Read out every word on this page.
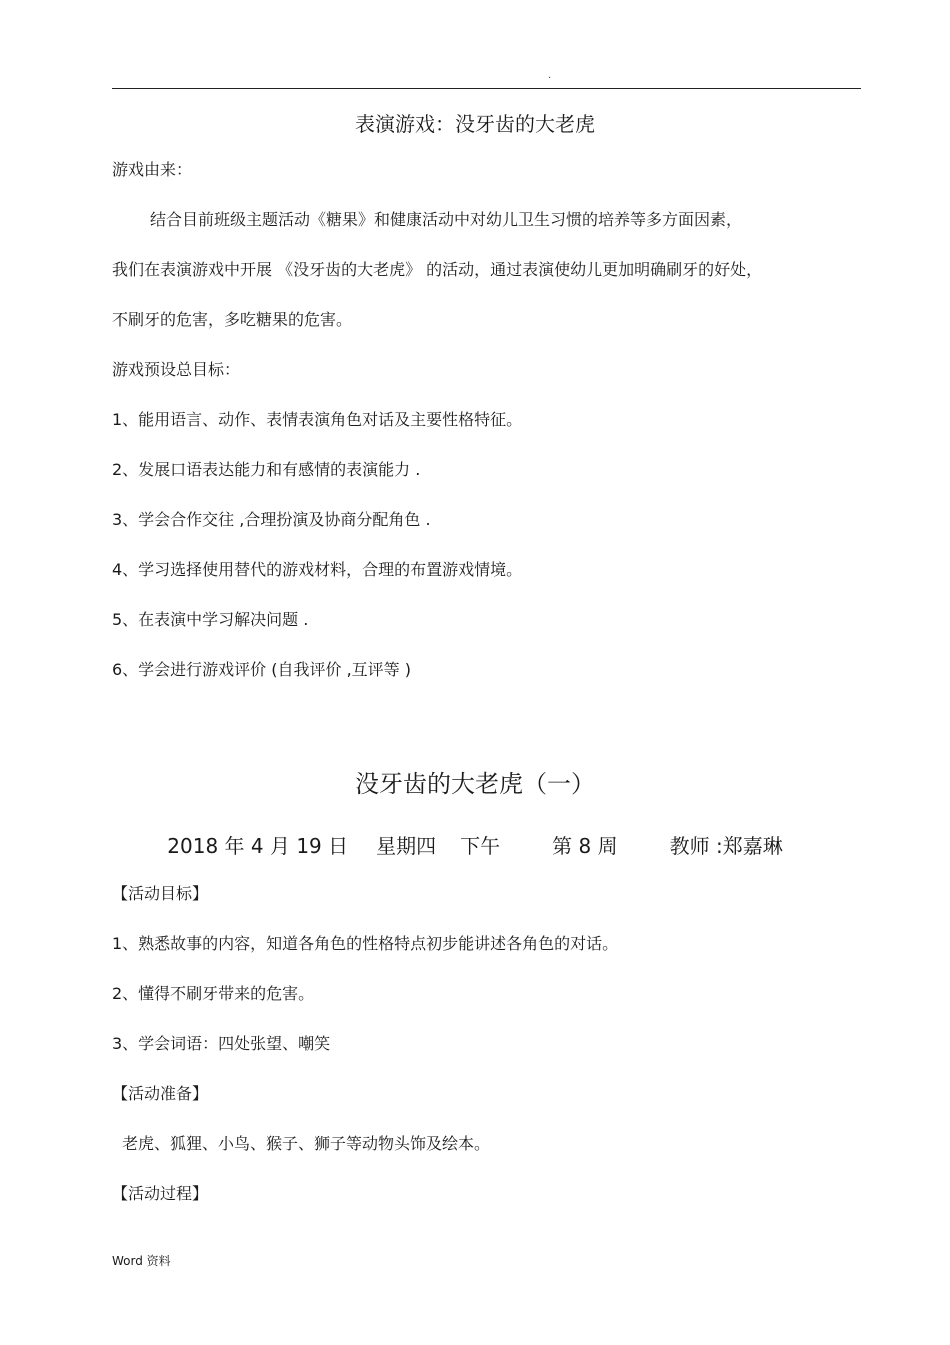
.
表演游戏：没牙齿的大老虎
游戏由来：
结合目前班级主题活动《糖果》和健康活动中对幼儿卫生习惯的培养等多方面因素，
我们在表演游戏中开展 《没牙齿的大老虎》 的活动，通过表演使幼儿更加明确刷牙的好处，
不刷牙的危害，多吃糖果的危害。
游戏预设总目标：
1、能用语言、动作、表情表演角色对话及主要性格特征。
2、发展口语表达能力和有感情的表演能力 .
3、学会合作交往 ,合理扮演及协商分配角色 .
4、学习选择使用替代的游戏材料，合理的布置游戏情境。
5、在表演中学习解决问题 .
6、学会进行游戏评价 (自我评价 ,互评等 )
没牙齿的大老虎（一）
2018 年 4 月 19 日 星期四 下午	第 8 周	教师 :郑嘉琳
【活动目标】
1、熟悉故事的内容，知道各角色的性格特点初步能讲述各角色的对话。
2、懂得不刷牙带来的危害。
3、学会词语：四处张望、嘲笑
【活动准备】
老虎、狐狸、小鸟、猴子、狮子等动物头饰及绘本。
【活动过程】
Word 资料
